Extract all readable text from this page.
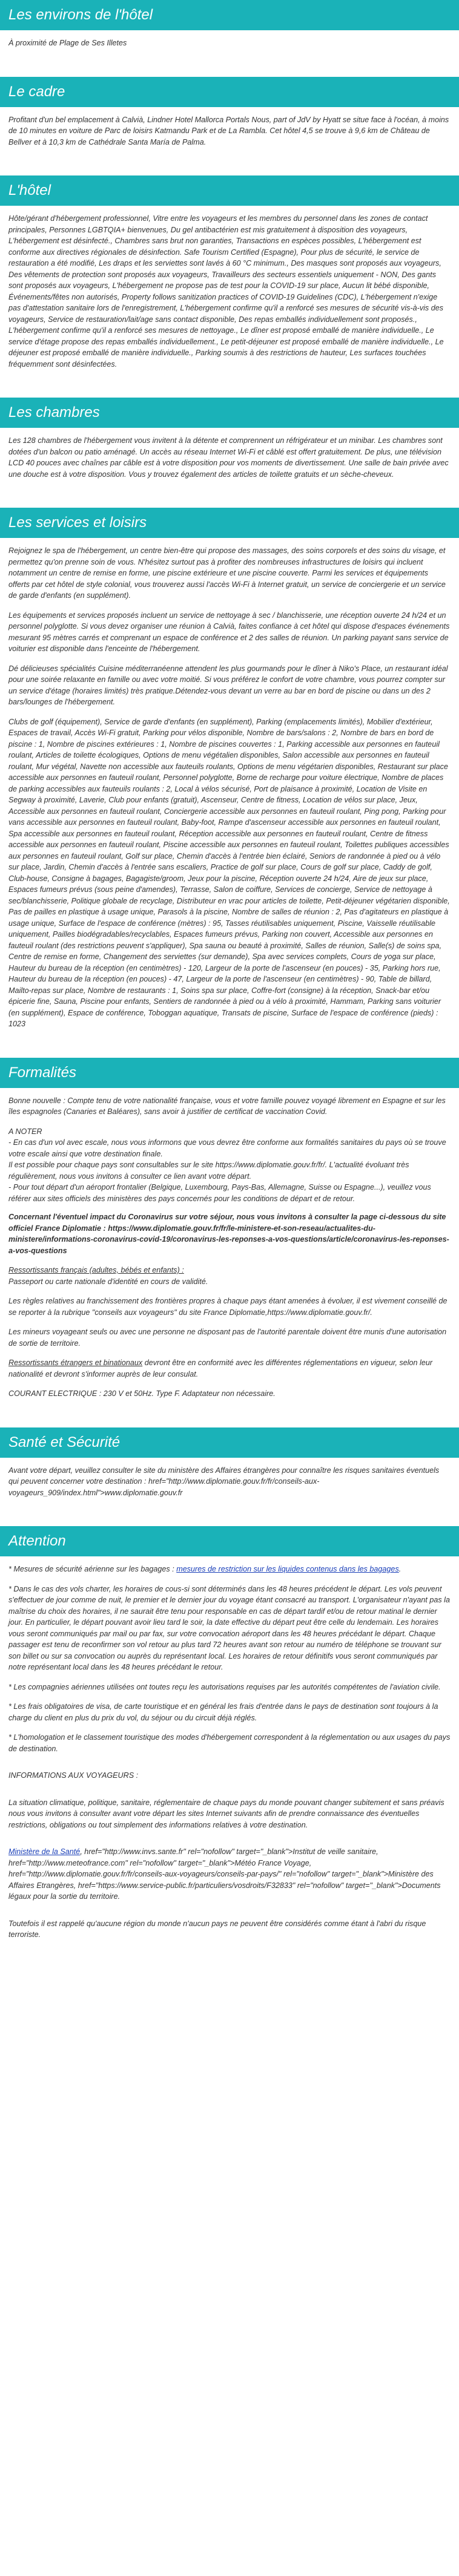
Les environs de l'hôtel

À proximité de Plage de Ses Illetes

Le cadre

Profitant d'un bel emplacement à Calvià, Lindner Hotel Mallorca Portals Nous, part of JdV by Hyatt se situe face à l'océan, à moins de 10 minutes en voiture de Parc de loisirs Katmandu Park et de La Rambla. Cet hôtel 4,5 se trouve à 9,6 km de Château de Bellver et à 10,3 km de Cathédrale Santa María de Palma.

L'hôtel

Hôte/gérant d'hébergement professionnel, Vitre entre les voyageurs et les membres du personnel dans les zones de contact principales, Personnes LGBTQIA+ bienvenues, Du gel antibactérien est mis gratuitement à disposition des voyageurs, L'hébergement est désinfecté., Chambres sans brut non garanties, Transactions en espèces possibles, L'hébergement est conforme aux directives régionales de désinfection. Safe Tourism Certified (Espagne), Pour plus de sécurité, le service de restauration a été modifié, Les draps et les serviettes sont lavés à 60 °C minimum., Des masques sont proposés aux voyageurs, Des vêtements de protection sont proposés aux voyageurs, Travailleurs des secteurs essentiels uniquement - NON, Des gants sont proposés aux voyageurs, L'hébergement ne propose pas de test pour la COVID-19 sur place, Aucun lit bébé disponible, Événements/fêtes non autorisés, Property follows sanitization practices of COVID-19 Guidelines (CDC), L'hébergement n'exige pas d'attestation sanitaire lors de l'enregistrement, L'hébergement confirme qu'il a renforcé ses mesures de sécurité vis-à-vis des voyageurs, Service de restauration/lait/age sans contact disponible, Des repas emballés individuellement sont proposés., L'hébergement confirme qu'il a renforcé ses mesures de nettoyage., Le dîner est proposé emballé de manière individuelle., Le service d'étage propose des repas emballés individuellement., Le petit-déjeuner est proposé emballé de manière individuelle., Le déjeuner est proposé emballé de manière individuelle., Parking soumis à des restrictions de hauteur, Les surfaces touchées fréquemment sont désinfectées.

Les chambres

Les 128 chambres de l'hébergement vous invitent à la détente et comprennent un réfrigérateur et un minibar. Les chambres sont dotées d'un balcon ou patio aménagé. Un accès au réseau Internet Wi-Fi et câblé est offert gratuitement. De plus, une télévision LCD 40 pouces avec chaînes par câble est à votre disposition pour vos moments de divertissement. Une salle de bain privée avec une douche est à votre disposition. Vous y trouvez également des articles de toilette gratuits et un sèche-cheveux.

Les services et loisirs

Rejoignez le spa de l'hébergement, un centre bien-être qui propose des massages, des soins corporels et des soins du visage, et permettez qu'on prenne soin de vous. N'hésitez surtout pas à profiter des nombreuses infrastructures de loisirs qui incluent notamment un centre de remise en forme, une piscine extérieure et une piscine couverte. Parmi les services et équipements offerts par cet hôtel de style colonial, vous trouverez aussi l'accès Wi-Fi à Internet gratuit, un service de conciergerie et un service de garde d'enfants (en supplément).

Les équipements et services proposés incluent un service de nettoyage à sec / blanchisserie, une réception ouverte 24 h/24 et un personnel polyglotte. Si vous devez organiser une réunion à Calvià, faites confiance à cet hôtel qui dispose d'espaces événements mesurant 95 mètres carrés et comprenant un espace de conférence et 2 des salles de réunion. Un parking payant sans service de voiturier est disponible dans l'enceinte de l'hébergement.

Dé délicieuses spécialités Cuisine méditerranéenne attendent les plus gourmands pour le dîner à Niko's Place, un restaurant idéal pour une soirée relaxante en famille ou avec votre moitié. Si vous préférez le confort de votre chambre, vous pourrez compter sur un service d'étage (horaires limités) très pratique.Détendez-vous devant un verre au bar en bord de piscine ou dans un des 2 bars/lounges de l'hébergement.

Clubs de golf (équipement), Service de garde d'enfants (en supplément), Parking (emplacements limités), Mobilier d'extérieur, Espaces de travail, Accès Wi-Fi gratuit, Parking pour vélos disponible, Nombre de bars/salons : 2, Nombre de bars en bord de piscine : 1, Nombre de piscines extérieures : 1, Nombre de piscines couvertes : 1, Parking accessible aux personnes en fauteuil roulant, Articles de toilette écologiques, Options de menu végétalien disponibles, Salon accessible aux personnes en fauteuil roulant, Mur végétal, Navette non accessible aux fauteuils roulants, Options de menu végétarien disponibles, Restaurant sur place accessible aux personnes en fauteuil roulant, Personnel polyglotte, Borne de recharge pour voiture électrique, Nombre de places de parking accessibles aux fauteuils roulants : 2, Local à vélos sécurisé, Port de plaisance à proximité, Location de Visite en Segway à proximité, Laverie, Club pour enfants (gratuit), Ascenseur, Centre de fitness, Location de vélos sur place, Jeux, Accessible aux personnes en fauteuil roulant, Conciergerie accessible aux personnes en fauteuil roulant, Ping pong, Parking pour vans accessible aux personnes en fauteuil roulant, Baby-foot, Rampe d'ascenseur accessible aux personnes en fauteuil roulant, Spa accessible aux personnes en fauteuil roulant, Réception accessible aux personnes en fauteuil roulant, Centre de fitness accessible aux personnes en fauteuil roulant, Piscine accessible aux personnes en fauteuil roulant, Toilettes publiques accessibles aux personnes en fauteuil roulant, Golf sur place, Chemin d'accès à l'entrée bien éclairé, Seniors de randonnée à pied ou à vélo sur place, Jardin, Chemin d'accès à l'entrée sans escaliers, Practice de golf sur place, Cours de golf sur place, Caddy de golf, Club-house, Consigne à bagages, Bagagiste/groom, Jeux pour la piscine, Réception ouverte 24 h/24, Aire de jeux sur place, Espaces fumeurs prévus (sous peine d'amendes), Terrasse, Salon de coiffure, Services de concierge, Service de nettoyage à sec/blanchisserie, Politique globale de recyclage, Distributeur en vrac pour articles de toilette, Petit-déjeuner végétarien disponible, Pas de pailles en plastique à usage unique, Parasols à la piscine, Nombre de salles de réunion : 2, Pas d'agitateurs en plastique à usage unique, Surface de l'espace de conférence (mètres) : 95, Tasses réutilisables uniquement, Piscine, Vaisselle réutilisable uniquement, Pailles biodégradables/recyclables, Espaces fumeurs prévus, Parking non couvert, Accessible aux personnes en fauteuil roulant (des restrictions peuvent s'appliquer), Spa sauna ou beauté à proximité, Salles de réunion, Salle(s) de soins spa, Centre de remise en forme, Changement des serviettes (sur demande), Spa avec services complets, Cours de yoga sur place, Hauteur du bureau de la réception (en centimètres) - 120, Largeur de la porte de l'ascenseur (en pouces) - 35, Parking hors rue, Hauteur du bureau de la réception (en pouces) - 47, Largeur de la porte de l'ascenseur (en centimètres) - 90, Table de billard, Mailto-repas sur place, Nombre de restaurants : 1, Soins spa sur place, Coffre-fort (consigne) à la réception, Snack-bar et/ou épicerie fine, Sauna, Piscine pour enfants, Sentiers de randonnée à pied ou à vélo à proximité, Hammam, Parking sans voiturier (en supplément), Espace de conférence, Toboggan aquatique, Transats de piscine, Surface de l'espace de conférence (pieds) : 1023

Formalités

Bonne nouvelle : Compte tenu de votre nationalité française, vous et votre famille pouvez voyagé librement en Espagne et sur les îles espagnoles (Canaries et Baléares), sans avoir à justifier de certificat de vaccination Covid.

A NOTER
- En cas d'un vol avec escale, nous vous informons que vous devrez être conforme aux formalités sanitaires du pays où se trouve votre escale ainsi que votre destination finale.
Il est possible pour chaque pays sont consultables sur le site https://www.diplomatie.gouv.fr/fr/. L'actualité évoluant très régulièrement, nous vous invitons à consulter ce lien avant votre départ.
- Pour tout départ d'un aéroport frontalier (Belgique, Luxembourg, Pays-Bas, Allemagne, Suisse ou Espagne...), veuillez vous référer aux sites officiels des ministères des pays concernés pour les conditions de départ et de retour.

Concernant l'éventuel impact du Coronavirus sur votre séjour, nous vous invitons à consulter la page ci-dessous du site officiel France Diplomatie : https://www.diplomatie.gouv.fr/fr/le-ministere-et-son-reseau/actualites-du-ministere/informations-coronavirus-covid-19/coronavirus-les-reponses-a-vos-questions/article/coronavirus-les-reponses-a-vos-questions

Ressortissants français (adultes, bébés et enfants) :

Passeport ou carte nationale d'identité en cours de validité.

Les règles relatives au franchissement des frontières propres à chaque pays étant amenées à évoluer, il est vivement conseillé de se reporter à la rubrique "conseils aux voyageurs" du site France Diplomatie,https://www.diplomatie.gouv.fr/.

Les mineurs voyageant seuls ou avec une personne ne disposant pas de l'autorité parentale doivent être munis d'une autorisation de sortie de territoire.

Ressortissants étrangers et binationaux devront être en conformité avec les différentes réglementations en vigueur, selon leur nationalité et devront s'informer auprès de leur consulat.

COURANT ELECTRIQUE : 230 V et 50Hz. Type F. Adaptateur non nécessaire.

Santé et Sécurité

Avant votre départ, veuillez consulter le site du ministère des Affaires étrangères pour connaître les risques sanitaires éventuels qui peuvent concerner votre destination : href="http://www.diplomatie.gouv.fr/fr/conseils-aux-voyageurs_909/index.html">www.diplomatie.gouv.fr

Attention

* Mesures de sécurité aérienne sur les bagages : mesures de restriction sur les liquides contenus dans les bagages.

* Dans le cas des vols charter, les horaires de cous-si sont déterminés dans les 48 heures précédent le départ. Les vols peuvent s'effectuer de jour comme de nuit, le premier et le dernier jour du voyage étant consacré au transport. L'organisateur n'ayant pas la maîtrise du choix des horaires, il ne saurait être tenu pour responsable en cas de départ tardif et/ou de retour matinal le dernier jour. En particulier, le départ pouvant avoir lieu tard le soir, la date effective du départ peut être celle du lendemain. Les horaires vous seront communiqués par mail ou par fax, sur votre convocation aéroport dans les 48 heures précédant le départ. Chaque passager est tenu de reconfirmer son vol retour au plus tard 72 heures avant son retour au numéro de téléphone se trouvant sur son billet ou sur sa convocation ou auprès du représentant local. Les horaires de retour définitifs vous seront communiqués par notre représentant local dans les 48 heures précédant le retour.

* Les compagnies aériennes utilisées ont toutes reçu les autorisations requises par les autorités compétentes de l'aviation civile.

* Les frais obligatoires de visa, de carte touristique et en général les frais d'entrée dans le pays de destination sont toujours à la charge du client en plus du prix du vol, du séjour ou du circuit déjà réglés.

* L'homologation et le classement touristique des modes d'hébergement correspondent à la réglementation ou aux usages du pays de destination.

INFORMATIONS AUX VOYAGEURS :

La situation climatique, politique, sanitaire, réglementaire de chaque pays du monde pouvant changer subitement et sans préavis nous vous invitons à consulter avant votre départ les sites Internet suivants afin de prendre connaissance des éventuelles restrictions, obligations ou tout simplement des informations relatives à votre destination.

Ministère de la Santé, href="http://www.invs.sante.fr" rel="nofollow" target="_blank">Institut de veille sanitaire, href="http://www.meteofrance.com" rel="nofollow" target="_blank">Météo France Voyage, href="http://www.diplomatie.gouv.fr/fr/conseils-aux-voyageurs/conseils-par-pays/" rel="nofollow" target="_blank">Ministère des Affaires Etrangères, href="https://www.service-public.fr/particuliers/vosdroits/F32833" rel="nofollow" target="_blank">Documents légaux pour la sortie du territoire.

Toutefois il est rappelé qu'aucune région du monde n'aucun pays ne peuvent être considérés comme étant à l'abri du risque terroriste.
